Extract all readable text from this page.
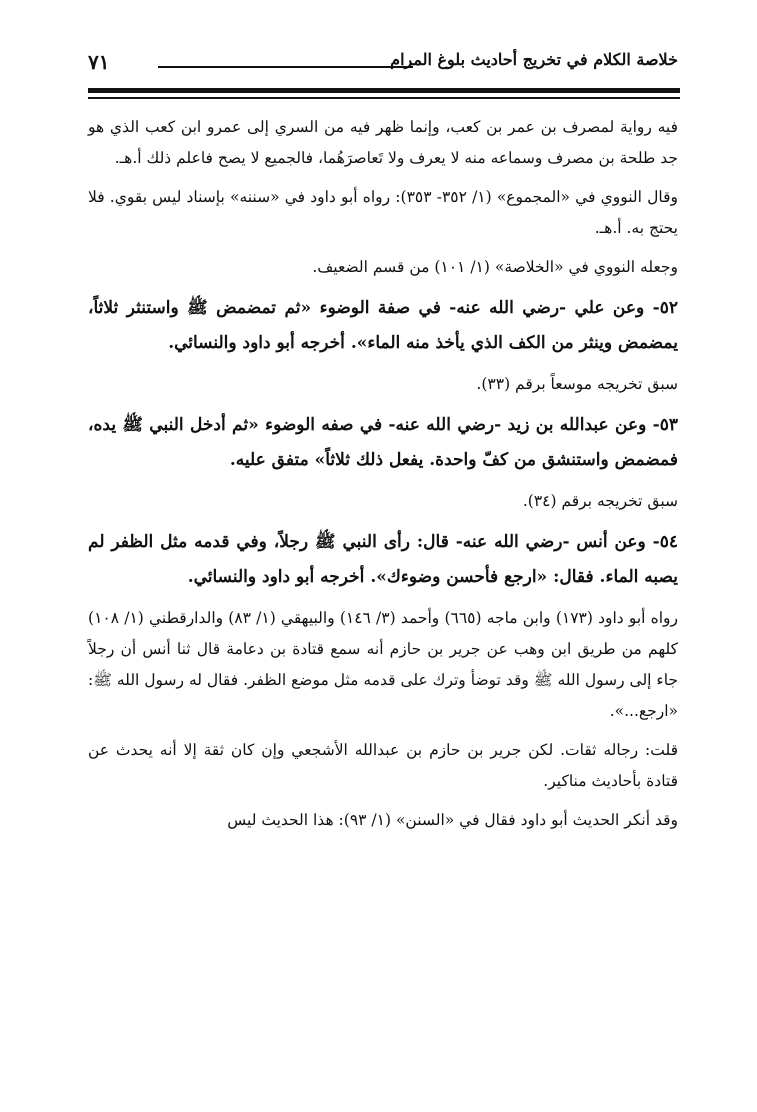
٧١	خلاصة الكلام في تخريج أحاديث بلوغ المرام

فيه رواية لمصرف بن عمر بن كعب، وإنما ظهر فيه من السري إلى عمرو ابن كعب الذي هو جد طلحة بن مصرف وسماعه منه لا يعرف ولا تَعاصرَهُما، فالجميع لا يصح فاعلم ذلك أ.هـ.

وقال النووي في «المجموع» (١/ ٣٥٢- ٣٥٣): رواه أبو داود في «سننه» بإسناد ليس بقوي. فلا يحتج به. أ.هـ.

وجعله النووي في «الخلاصة» (١/ ١٠١) من قسم الضعيف.

٥٢- وعن علي -رضي الله عنه- في صفة الوضوء «ثم تمضمض ﷺ واستنثر ثلاثاً، يمضمض وينثر من الكف الذي يأخذ منه الماء». أخرجه أبو داود والنسائي.

سبق تخريجه موسعاً برقم (٣٣).

٥٣- وعن عبدالله بن زيد -رضي الله عنه- في صفه الوضوء «ثم أدخل النبي ﷺ يده، فمضمض واستنشق من كفّ واحدة. يفعل ذلك ثلاثاً» متفق عليه.

سبق تخريجه برقم (٣٤).

٥٤- وعن أنس -رضي الله عنه- قال: رأى النبي ﷺ رجلاً، وفي قدمه مثل الظفر لم يصبه الماء. فقال: «ارجع فأحسن وضوءك». أخرجه أبو داود والنسائي.

رواه أبو داود (١٧٣) وابن ماجه (٦٦٥) وأحمد (٣/ ١٤٦) والبيهقي (١/ ٨٣) والدارقطني (١/ ١٠٨) كلهم من طريق ابن وهب عن جرير بن حازم أنه سمع قتادة بن دعامة قال ثنا أنس أن رجلاً جاء إلى رسول الله ﷺ وقد توضأ وترك على قدمه مثل موضع الظفر. فقال له رسول الله ﷺ: «ارجع...».

قلت: رجاله ثقات. لكن جرير بن حازم بن عبدالله الأشجعي وإن كان ثقة إلا أنه يحدث عن قتادة بأحاديث مناكير.

وقد أنكر الحديث أبو داود فقال في «السنن» (١/ ٩٣): هذا الحديث ليس
